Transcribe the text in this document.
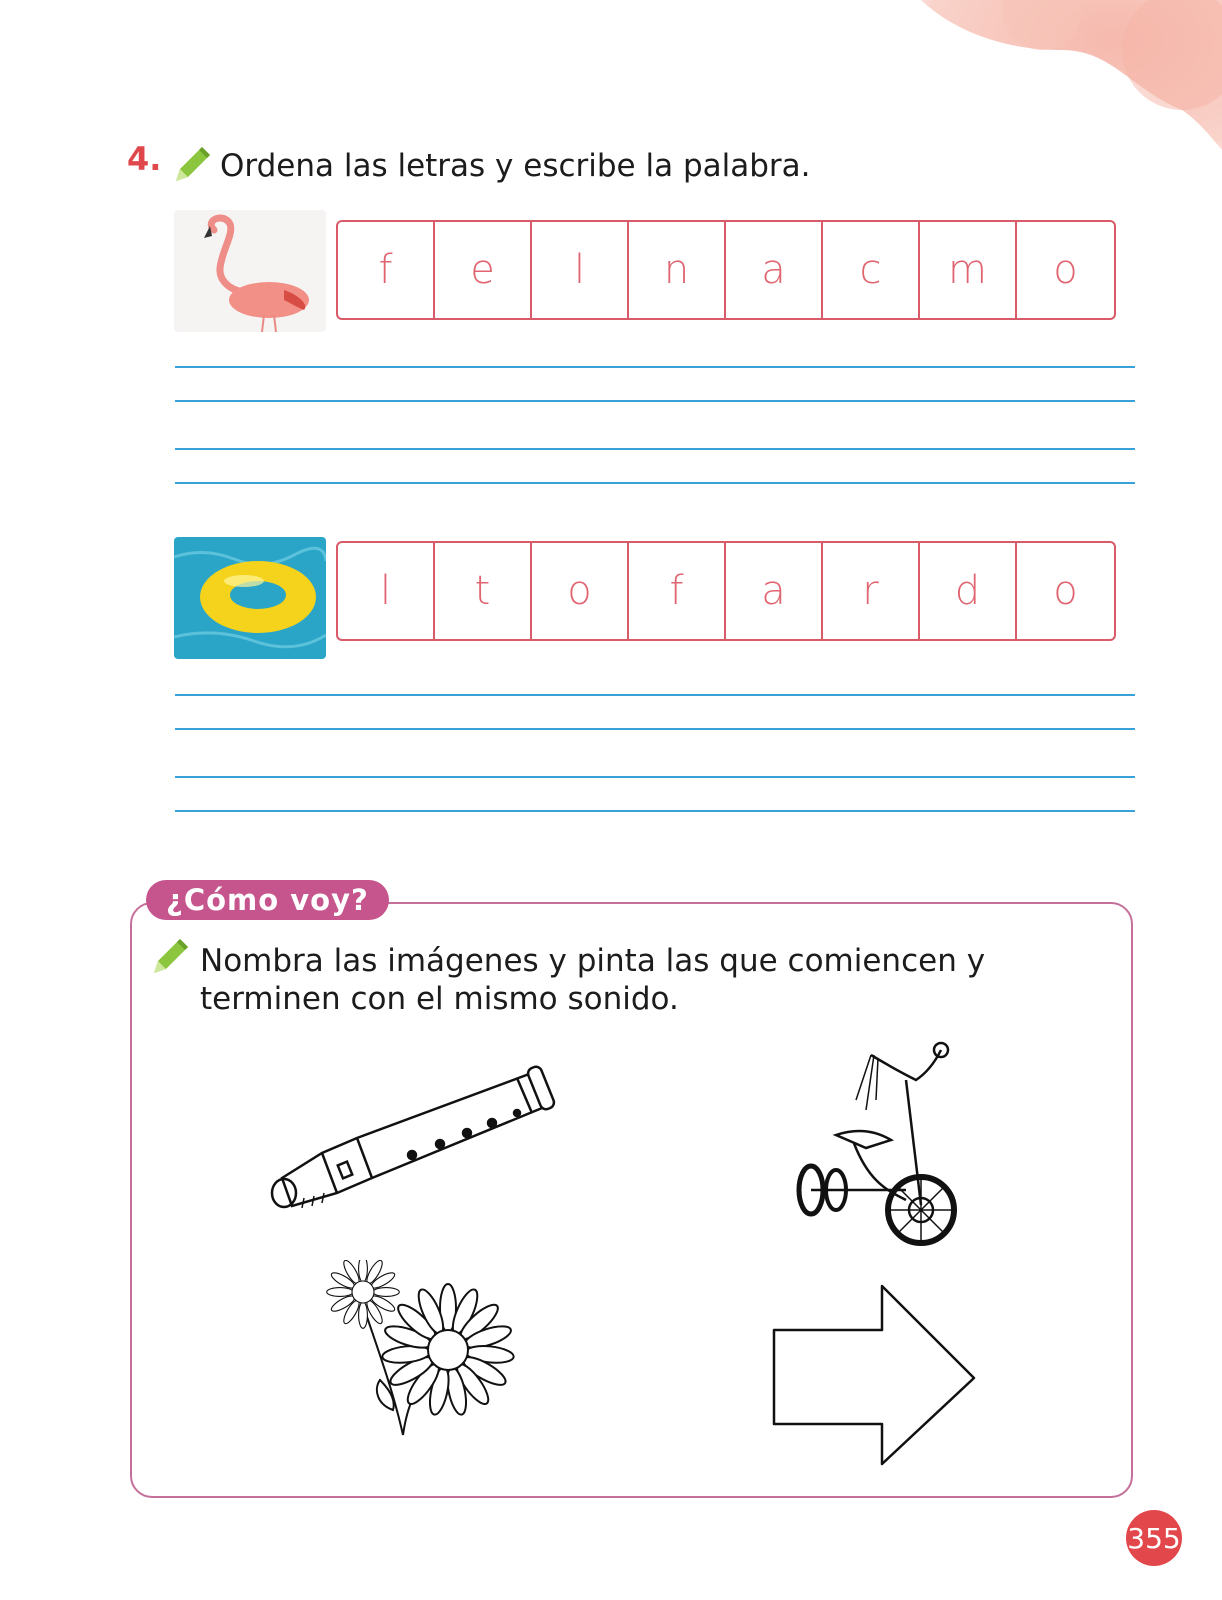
4. Ordena las letras y escribe la palabra.
f	e	l	n	a	c	m	o
l	t	o	f	a	r	d	o
¿Cómo voy?
Nombra las imágenes y pinta las que comiencen y terminen con el mismo sonido.
355
